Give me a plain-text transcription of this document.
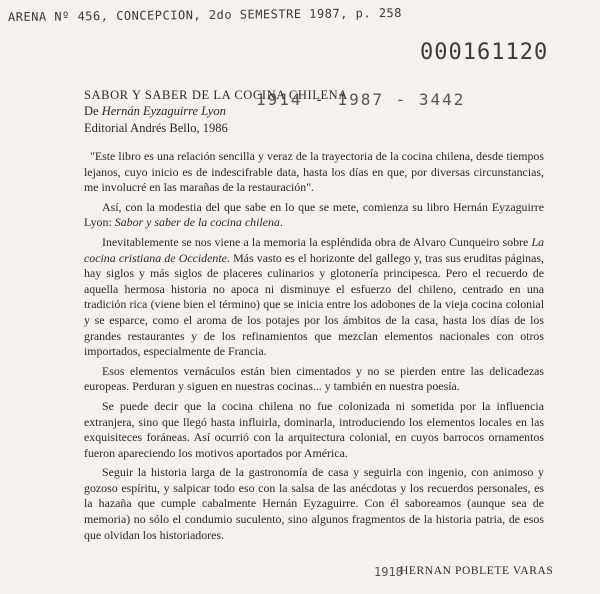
ARENA Nº 456, CONCEPCION, 2do SEMESTRE 1987, p. 258
000161120
1914 - 1987 - 3442
SABOR Y SABER DE LA COCINA CHILENA
De Hernán Eyzaguirre Lyon
Editorial Andrés Bello, 1986

"Este libro es una relación sencilla y veraz de la trayectoria de la cocina chilena, desde tiempos lejanos, cuyo inicio es de indescifrable data, hasta los días en que, por diversas circunstancias, me involucré en las marañas de la restauración".

Así, con la modestia del que sabe en lo que se mete, comienza su libro Hernán Eyzaguirre Lyon: Sabor y saber de la cocina chilena.

Inevitablemente se nos viene a la memoria la espléndida obra de Alvaro Cunqueiro sobre La cocina cristiana de Occidente. Más vasto es el horizonte del gallego y, tras sus eruditas páginas, hay siglos y más siglos de placeres culinarios y glotonería principesca. Pero el recuerdo de aquella hermosa historia no apoca ni disminuye el esfuerzo del chileno, centrado en una tradición rica (viene bien el término) que se inicia entre los adobones de la vieja cocina colonial y se esparce, como el aroma de los potajes por los ámbitos de la casa, hasta los días de los grandes restaurantes y de los refinamientos que mezclan elementos nacionales con otros importados, especialmente de Francia.

Esos elementos vernáculos están bien cimentados y no se pierden entre las delicadezas europeas. Perduran y siguen en nuestras cocinas... y también en nuestra poesía.

Se puede decir que la cocina chilena no fue colonizada ni sometida por la influencia extranjera, sino que llegó hasta influirla, dominarla, introduciendo los elementos locales en las exquisiteces foráneas. Así ocurrió con la arquitectura colonial, en cuyos barrocos ornamentos fueron apareciendo los motivos aportados por América.

Seguir la historia larga de la gastronomía de casa y seguirla con ingenio, con animoso y gozoso espíritu, y salpicar todo eso con la salsa de las anécdotas y los recuerdos personales, es la hazaña que cumple cabalmente Hernán Eyzaguirre. Con él saboreamos (aunque sea de memoria) no sólo el condumio suculento, sino algunos fragmentos de la historia patria, de esos que olvidan los historiadores.

1918
HERNAN POBLETE VARAS
